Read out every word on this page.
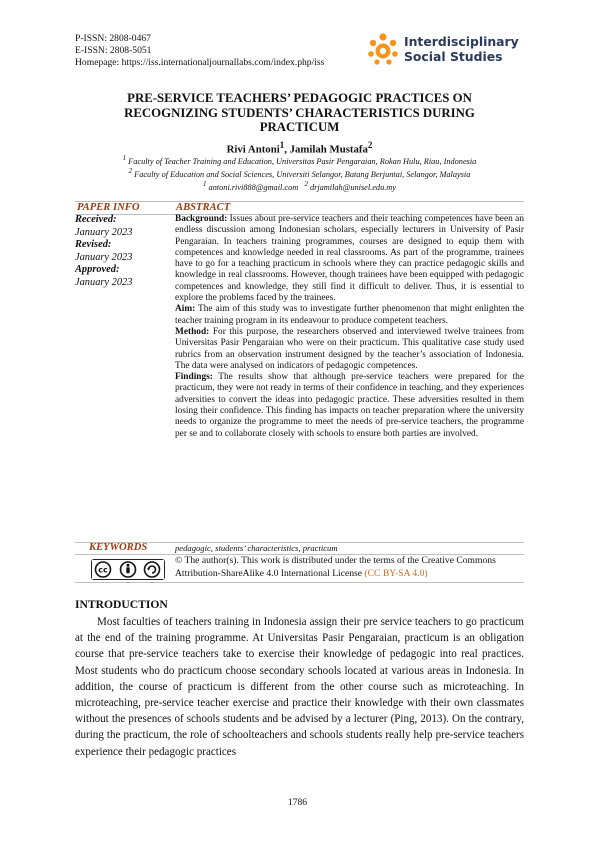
P-ISSN: 2808-0467
E-ISSN: 2808-5051
Homepage: https://iss.internationaljournallabs.com/index.php/iss
Interdisciplinary
Social Studies
PRE-SERVICE TEACHERS’ PEDAGOGIC PRACTICES ON
RECOGNIZING STUDENTS’ CHARACTERISTICS DURING
PRACTICUM
Rivi Antoni$^1$, Jamilah Mustafa$^2$
$^1$ Faculty of Teacher Training and Education, Universitas Pasir Pengaraian, Rokan Hulu, Riau, Indonesia
$^2$ Faculty of Education and Social Sciences, Universiti Selangor, Batang Berjuntai, Selangor, Malaysia
$^1$ antoni.rivi888@gmail.com $^2$ drjamilah@unisel.edu.my
PAPER INFO	ABSTRACT
Received:
January 2023
Revised:
January 2023
Approved:
January 2023

Background: Issues about pre-service teachers and their teaching competences have been an endless discussion among Indonesian scholars, especially lecturers in University of Pasir Pengaraian. In teachers training programmes, courses are designed to equip them with competences and knowledge needed in real classrooms. As part of the programme, trainees have to go for a teaching practicum in schools where they can practice pedagogic skills and knowledge in real classrooms. However, though trainees have been equipped with pedagogic competences and knowledge, they still find it difficult to deliver. Thus, it is essential to explore the problems faced by the trainees.

Aim: The aim of this study was to investigate further phenomenon that might enlighten the teacher training program in its endeavour to produce competent teachers.

Method: For this purpose, the researchers observed and interviewed twelve trainees from Universitas Pasir Pengaraian who were on their practicum. This qualitative case study used rubrics from an observation instrument designed by the teacher’s association of Indonesia. The data were analysed on indicators of pedagogic competences.

Findings: The results show that although pre-service teachers were prepared for the practicum, they were not ready in terms of their confidence in teaching, and they experiences adversities to convert the ideas into pedagogic practice. These adversities resulted in them losing their confidence. This finding has impacts on teacher preparation where the university needs to organize the programme to meet the needs of pre-service teachers, the programme per se and to collaborate closely with schools to ensure both parties are involved.

KEYWORDS	pedagogic, students’ characteristics, practicum
cc
© The author(s). This work is distributed under the terms of the Creative Commons Attribution-ShareAlike 4.0 International License (CC BY-SA 4.0)
INTRODUCTION

Most faculties of teachers training in Indonesia assign their pre service teachers to go practicum at the end of the training programme. At Universitas Pasir Pengaraian, practicum is an obligation course that pre-service teachers take to exercise their knowledge of pedagogic into real practices. Most students who do practicum choose secondary schools located at various areas in Indonesia. In addition, the course of practicum is different from the other course such as microteaching. In microteaching, pre-service teacher exercise and practice their knowledge with their own classmates without the presences of schools students and be advised by a lecturer (Ping, 2013). On the contrary, during the practicum, the role of schoolteachers and schools students really help pre-service teachers experience their pedagogic practices

1786
